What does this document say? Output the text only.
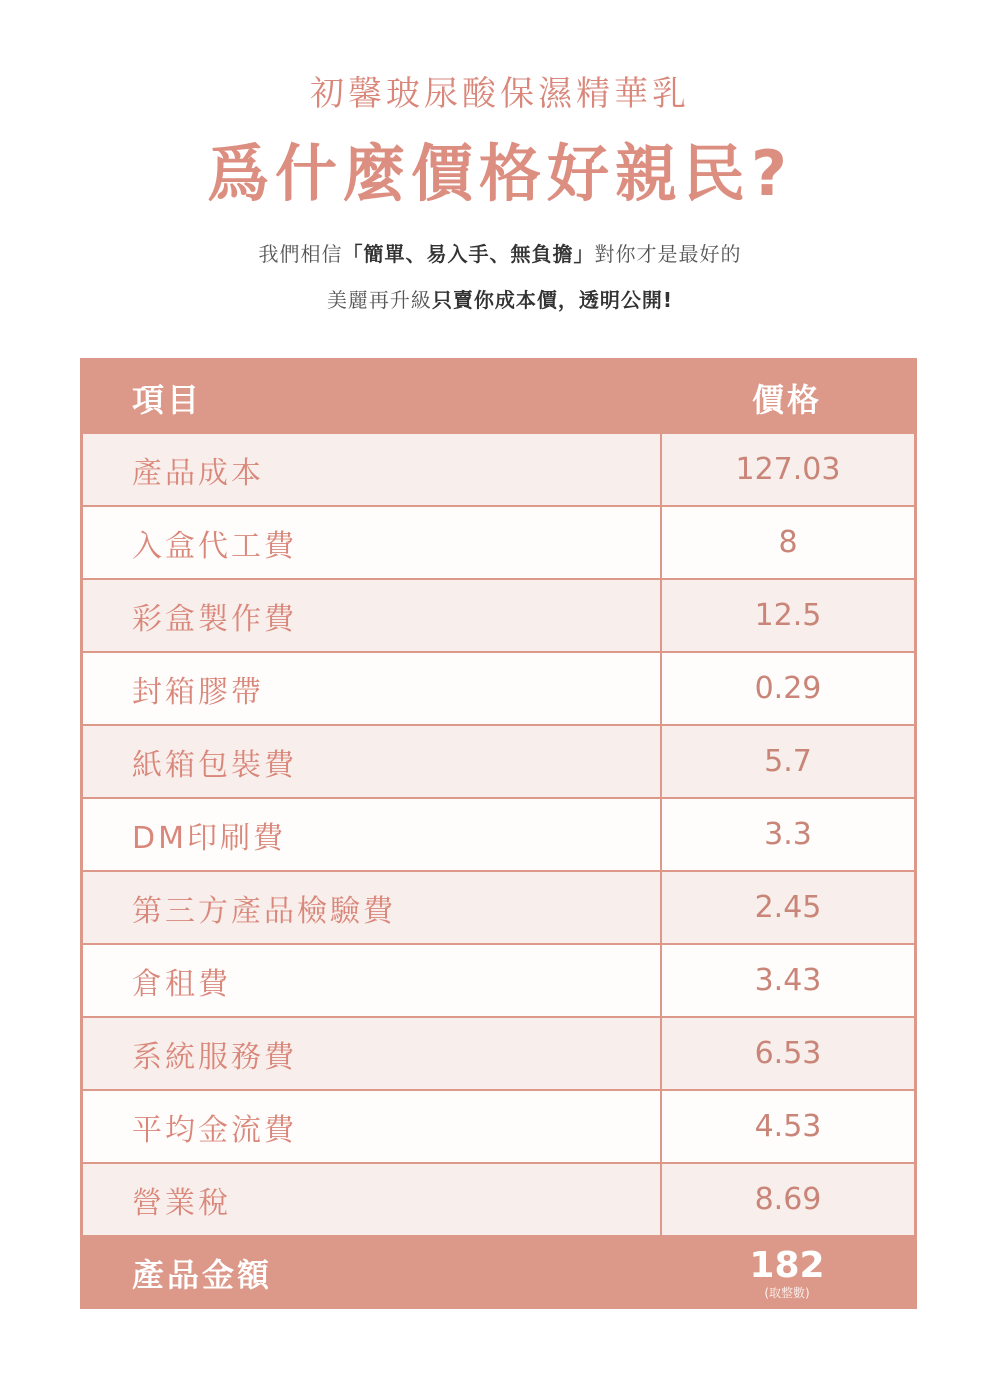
初馨玻尿酸保濕精華乳
爲什麼價格好親民?
我們相信「簡單、易入手、無負擔」對你才是最好的
美麗再升級只賣你成本價，透明公開!
項目	價格
產品成本	127.03
入盒代工費	8
彩盒製作費	12.5
封箱膠帶	0.29
紙箱包裝費	5.7
DM印刷費	3.3
第三方產品檢驗費	2.45
倉租費	3.43
系統服務費	6.53
平均金流費	4.53
營業稅	8.69
產品金額	182
(取整數)
